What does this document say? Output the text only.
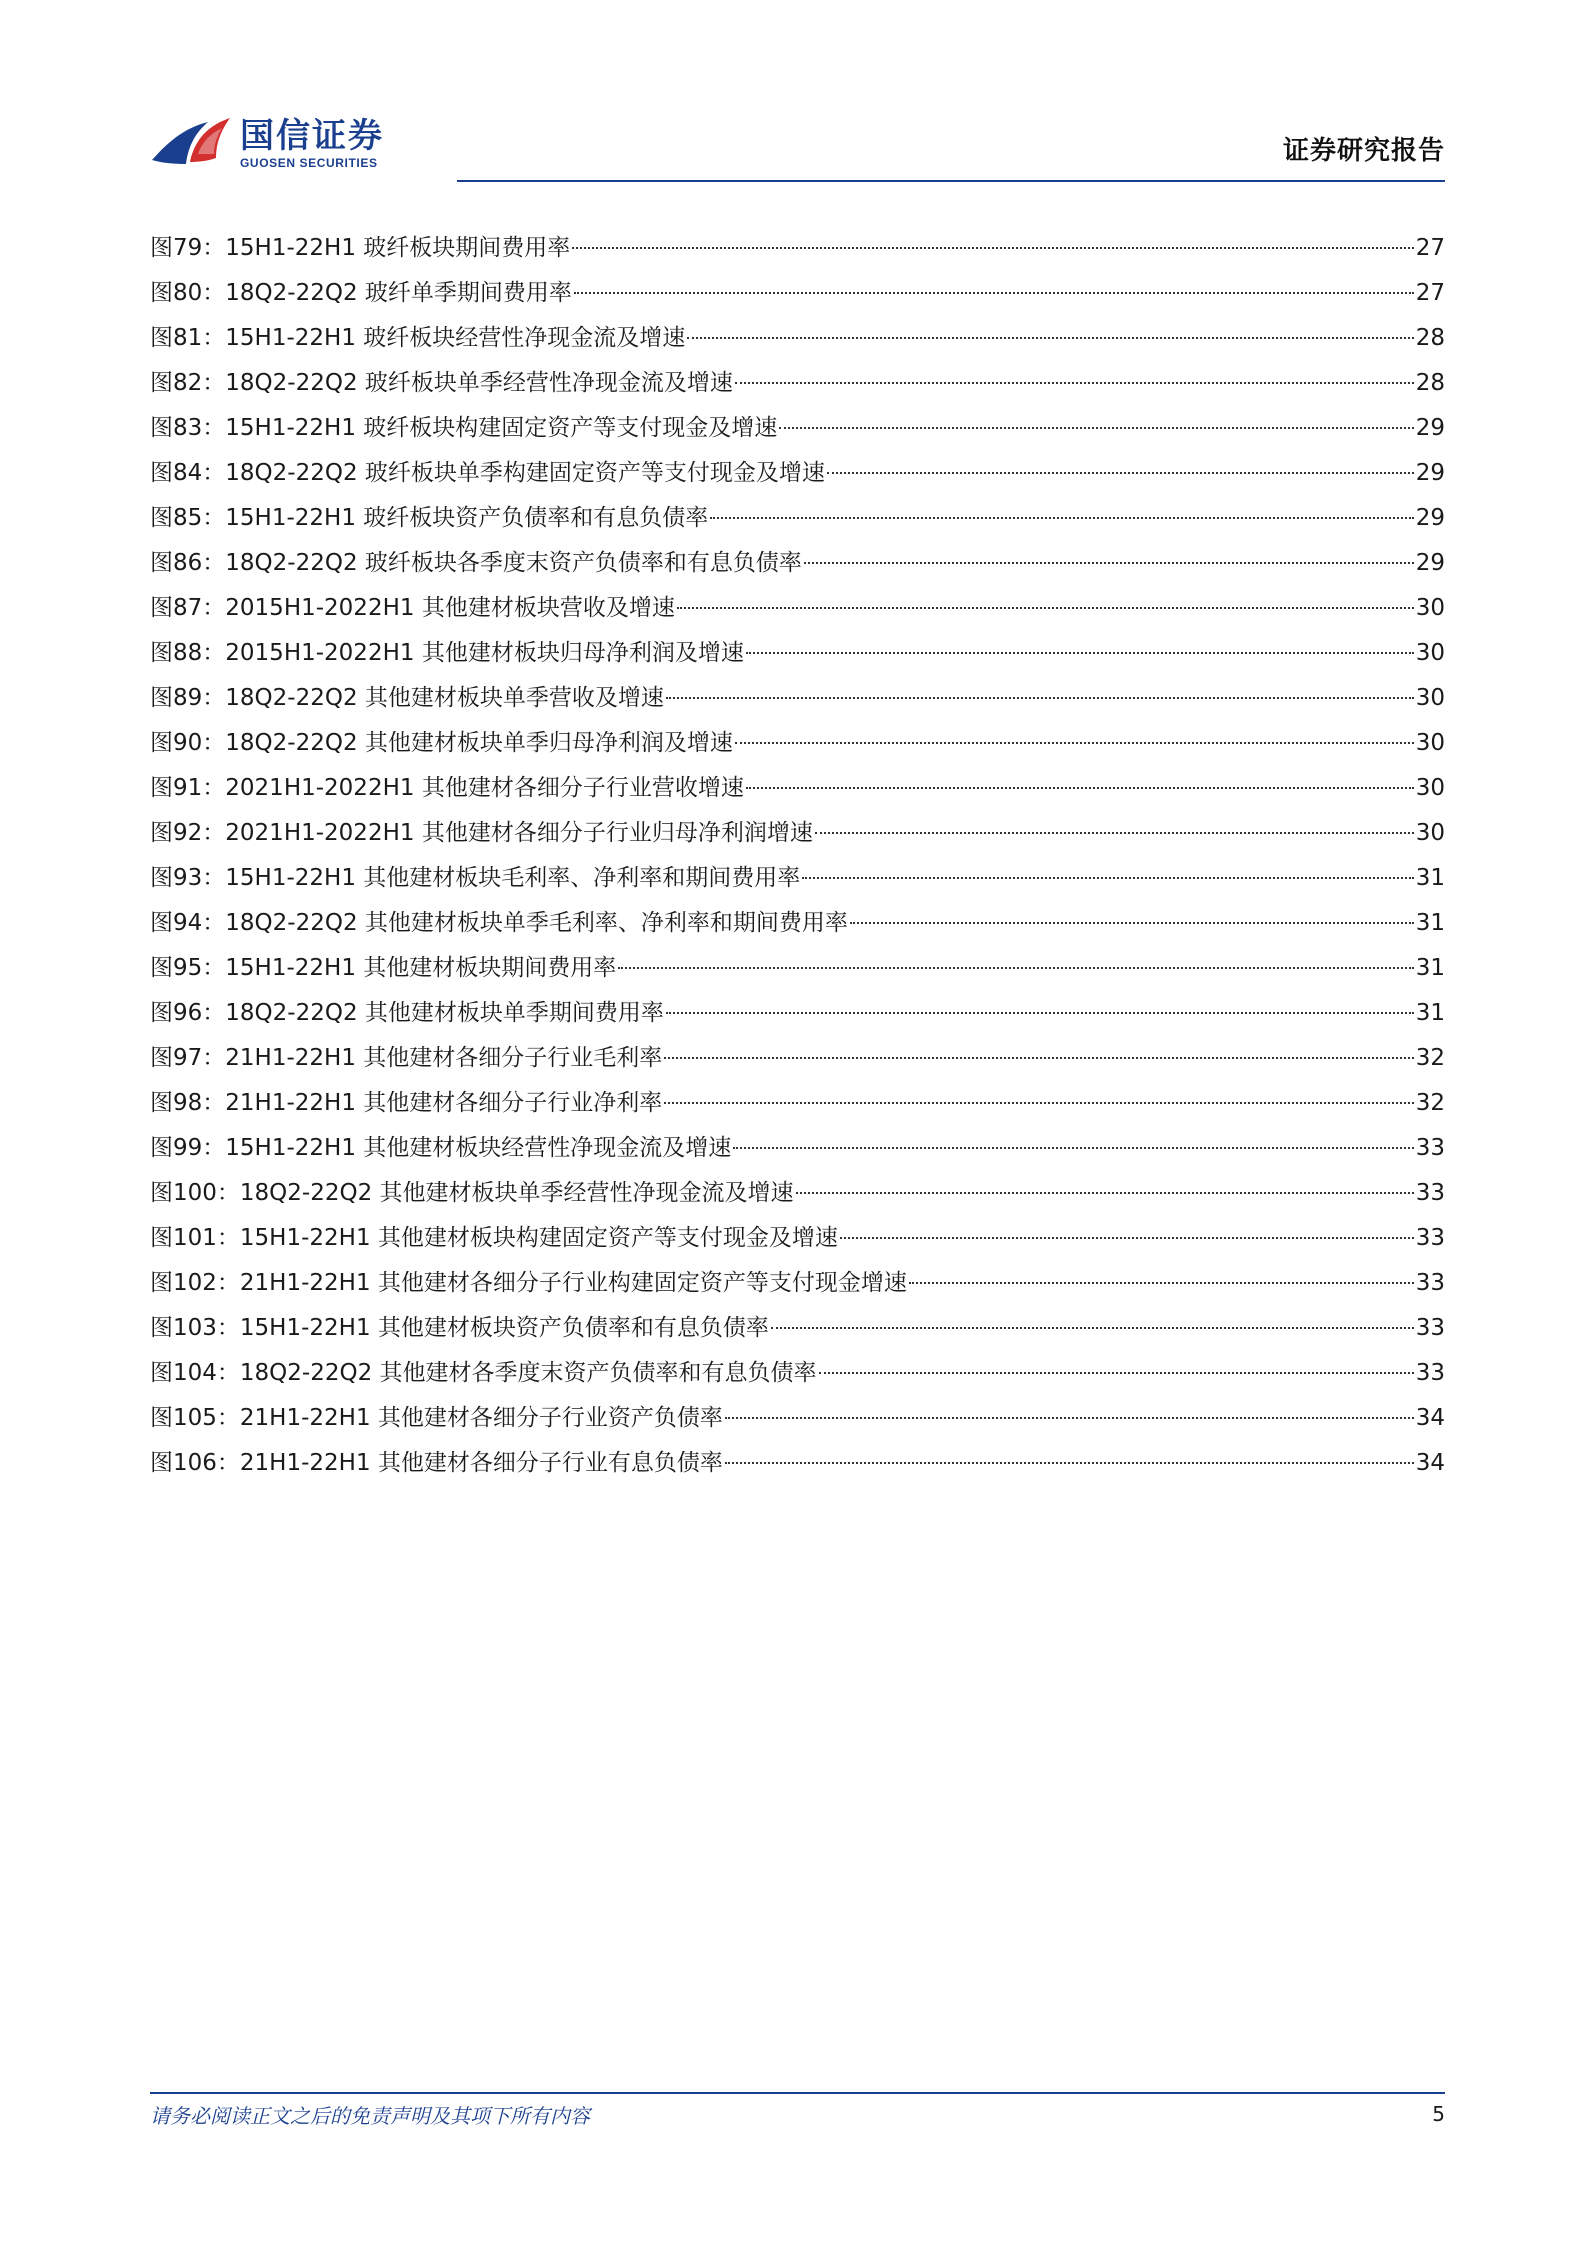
国信证券
GUOSEN SECURITIES	证券研究报告
图79： 15H1-22H1 玻纤板块期间费用率	27
图80： 18Q2-22Q2 玻纤单季期间费用率	27
图81： 15H1-22H1 玻纤板块经营性净现金流及增速	28
图82： 18Q2-22Q2 玻纤板块单季经营性净现金流及增速	28
图83： 15H1-22H1 玻纤板块构建固定资产等支付现金及增速	29
图84： 18Q2-22Q2 玻纤板块单季构建固定资产等支付现金及增速	29
图85： 15H1-22H1 玻纤板块资产负债率和有息负债率	29
图86： 18Q2-22Q2 玻纤板块各季度末资产负债率和有息负债率	29
图87： 2015H1-2022H1 其他建材板块营收及增速	30
图88： 2015H1-2022H1 其他建材板块归母净利润及增速	30
图89： 18Q2-22Q2 其他建材板块单季营收及增速	30
图90： 18Q2-22Q2 其他建材板块单季归母净利润及增速	30
图91： 2021H1-2022H1 其他建材各细分子行业营收增速	30
图92： 2021H1-2022H1 其他建材各细分子行业归母净利润增速	30
图93： 15H1-22H1 其他建材板块毛利率、净利率和期间费用率	31
图94： 18Q2-22Q2 其他建材板块单季毛利率、净利率和期间费用率	31
图95： 15H1-22H1 其他建材板块期间费用率	31
图96： 18Q2-22Q2 其他建材板块单季期间费用率	31
图97： 21H1-22H1 其他建材各细分子行业毛利率	32
图98： 21H1-22H1 其他建材各细分子行业净利率	32
图99： 15H1-22H1 其他建材板块经营性净现金流及增速	33
图100： 18Q2-22Q2 其他建材板块单季经营性净现金流及增速	33
图101： 15H1-22H1 其他建材板块构建固定资产等支付现金及增速	33
图102： 21H1-22H1 其他建材各细分子行业构建固定资产等支付现金增速	33
图103： 15H1-22H1 其他建材板块资产负债率和有息负债率	33
图104： 18Q2-22Q2 其他建材各季度末资产负债率和有息负债率	33
图105： 21H1-22H1 其他建材各细分子行业资产负债率	34
图106： 21H1-22H1 其他建材各细分子行业有息负债率	34
请务必阅读正文之后的免责声明及其项下所有内容	5
